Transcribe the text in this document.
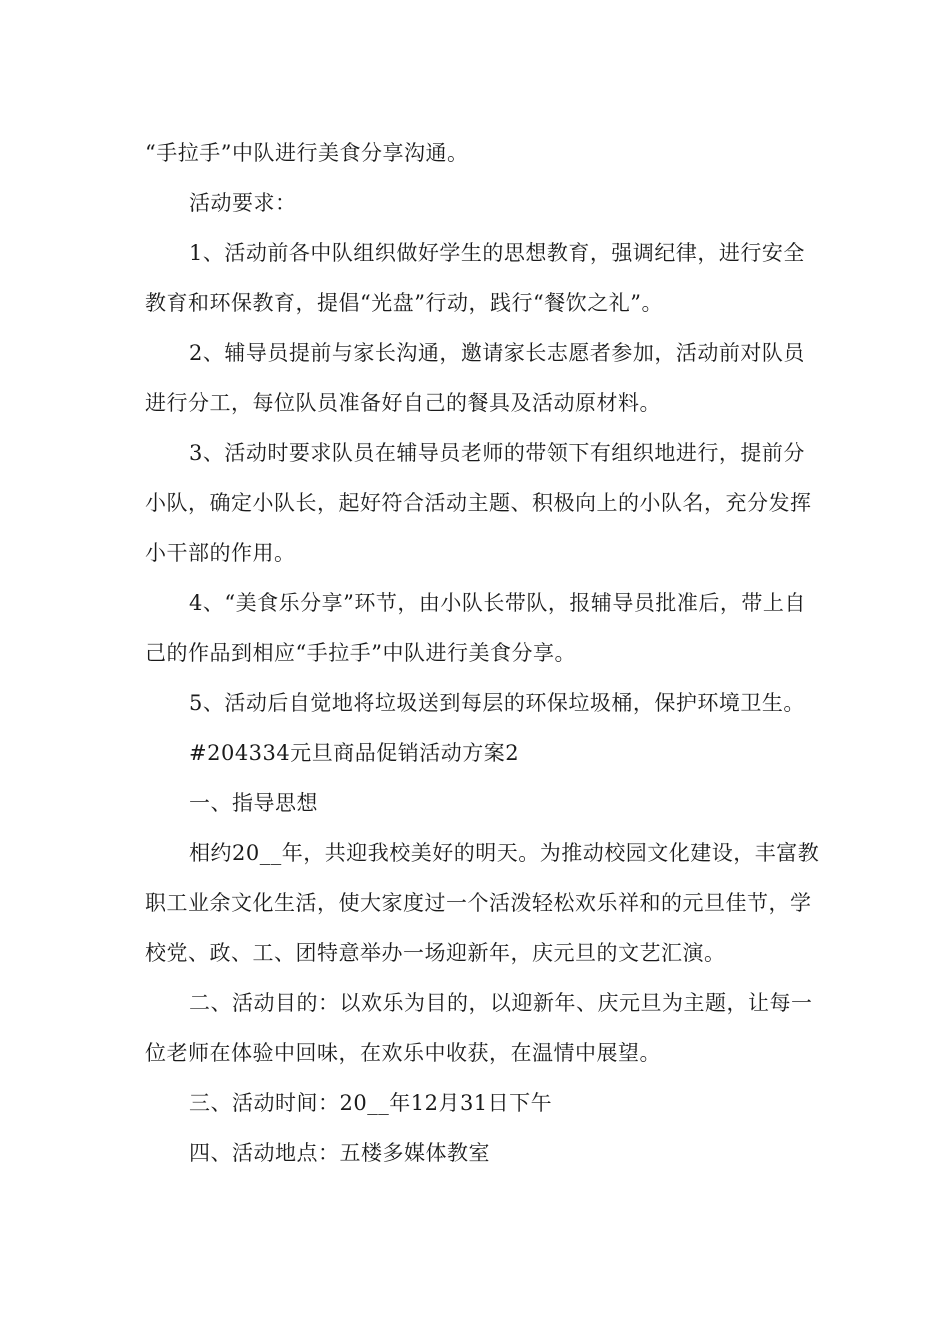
“手拉手”中队进行美食分享沟通。

活动要求：

1、活动前各中队组织做好学生的思想教育，强调纪律，进行安全教育和环保教育，提倡“光盘”行动，践行“餐饮之礼”。

2、辅导员提前与家长沟通，邀请家长志愿者参加，活动前对队员进行分工，每位队员准备好自己的餐具及活动原材料。

3、活动时要求队员在辅导员老师的带领下有组织地进行，提前分小队，确定小队长，起好符合活动主题、积极向上的小队名，充分发挥小干部的作用。

4、“美食乐分享”环节，由小队长带队，报辅导员批准后，带上自己的作品到相应“手拉手”中队进行美食分享。

5、活动后自觉地将垃圾送到每层的环保垃圾桶，保护环境卫生。

#204334元旦商品促销活动方案2

一、指导思想

相约20__年，共迎我校美好的明天。为推动校园文化建设，丰富教职工业余文化生活，使大家度过一个活泼轻松欢乐祥和的元旦佳节，学校党、政、工、团特意举办一场迎新年，庆元旦的文艺汇演。

二、活动目的：以欢乐为目的，以迎新年、庆元旦为主题，让每一位老师在体验中回味，在欢乐中收获，在温情中展望。

三、活动时间：20__年12月31日下午

四、活动地点：五楼多媒体教室
